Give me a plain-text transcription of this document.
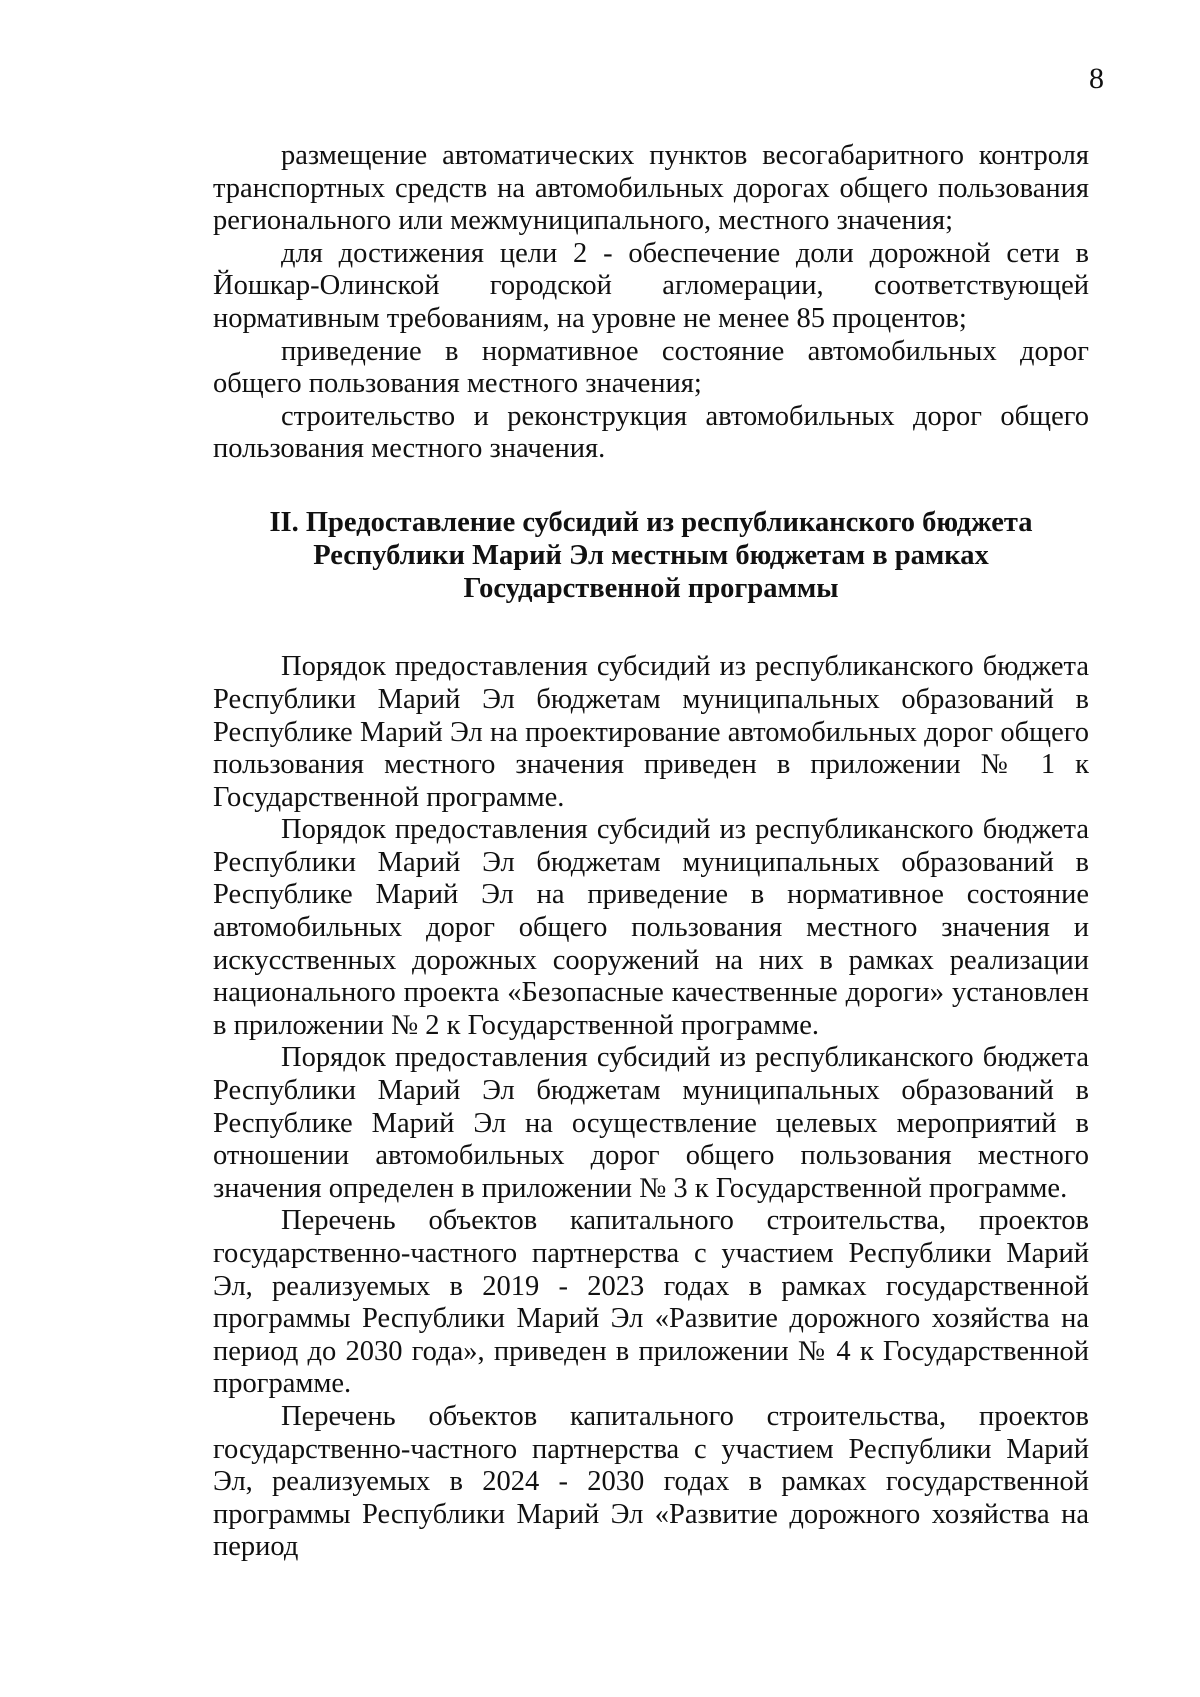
8

размещение автоматических пунктов весогабаритного контроля транспортных средств на автомобильных дорогах общего пользования регионального или межмуниципального, местного значения;

для достижения цели 2 - обеспечение доли дорожной сети в Йошкар-Олинской городской агломерации, соответствующей нормативным требованиям, на уровне не менее 85 процентов;

приведение в нормативное состояние автомобильных дорог общего пользования местного значения;

строительство и реконструкция автомобильных дорог общего пользования местного значения.

II. Предоставление субсидий из республиканского бюджета
Республики Марий Эл местным бюджетам в рамках
Государственной программы

Порядок предоставления субсидий из республиканского бюджета Республики Марий Эл бюджетам муниципальных образований в Республике Марий Эл на проектирование автомобильных дорог общего пользования местного значения приведен в приложении № 1 к Государственной программе.

Порядок предоставления субсидий из республиканского бюджета Республики Марий Эл бюджетам муниципальных образований в Республике Марий Эл на приведение в нормативное состояние автомобильных дорог общего пользования местного значения и искусственных дорожных сооружений на них в рамках реализации национального проекта «Безопасные качественные дороги» установлен в приложении № 2 к Государственной программе.

Порядок предоставления субсидий из республиканского бюджета Республики Марий Эл бюджетам муниципальных образований в Республике Марий Эл на осуществление целевых мероприятий в отношении автомобильных дорог общего пользования местного значения определен в приложении № 3 к Государственной программе.

Перечень объектов капитального строительства, проектов государственно-частного партнерства с участием Республики Марий Эл, реализуемых в 2019 - 2023 годах в рамках государственной программы Республики Марий Эл «Развитие дорожного хозяйства на период до 2030 года», приведен в приложении № 4 к Государственной программе.

Перечень объектов капитального строительства, проектов государственно-частного партнерства с участием Республики Марий Эл, реализуемых в 2024 - 2030 годах в рамках государственной программы Республики Марий Эл «Развитие дорожного хозяйства на период
